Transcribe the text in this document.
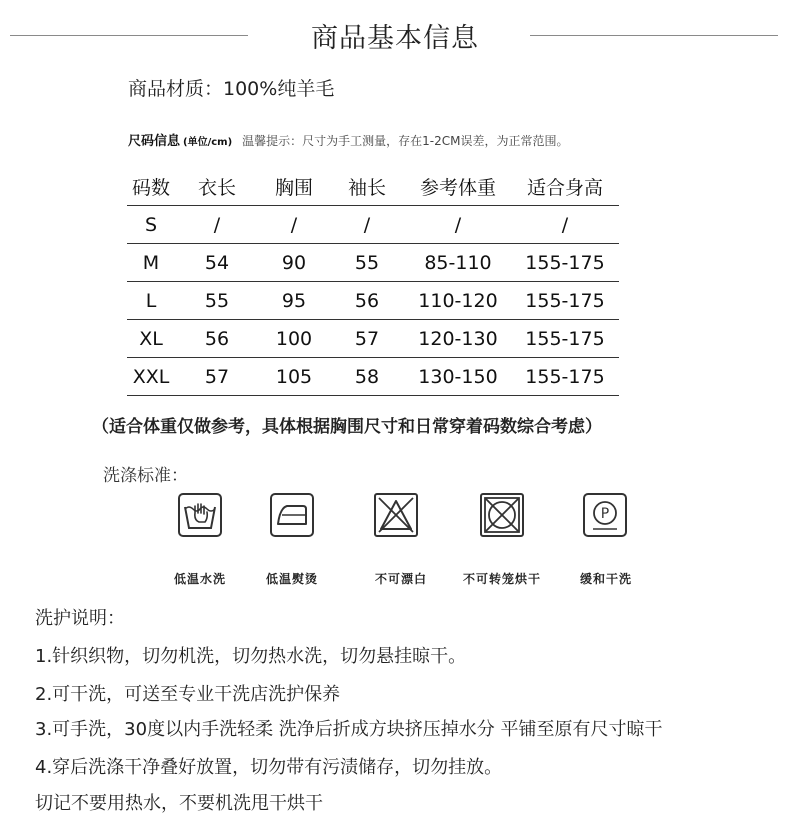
商品基本信息
商品材质：100%纯羊毛
尺码信息 (单位/cm) 温馨提示：尺寸为手工测量，存在1-2CM误差，为正常范围。
码数	衣长	胸围	袖长	参考体重	适合身高
S	/	/	/	/	/
M	54	90	55	85-110	155-175
L	55	95	56	110-120	155-175
XL	56	100	57	120-130	155-175
XXL	57	105	58	130-150	155-175
（适合体重仅做参考，具体根据胸围尺寸和日常穿着码数综合考虑）
洗涤标准：
P
低温水洗	低温熨烫	不可漂白	不可转笼烘干	缓和干洗
洗护说明：
1.针织织物，切勿机洗，切勿热水洗，切勿悬挂晾干。
2.可干洗，可送至专业干洗店洗护保养
3.可手洗，30度以内手洗轻柔 洗净后折成方块挤压掉水分 平铺至原有尺寸晾干
4.穿后洗涤干净叠好放置，切勿带有污渍储存，切勿挂放。
切记不要用热水，不要机洗甩干烘干
